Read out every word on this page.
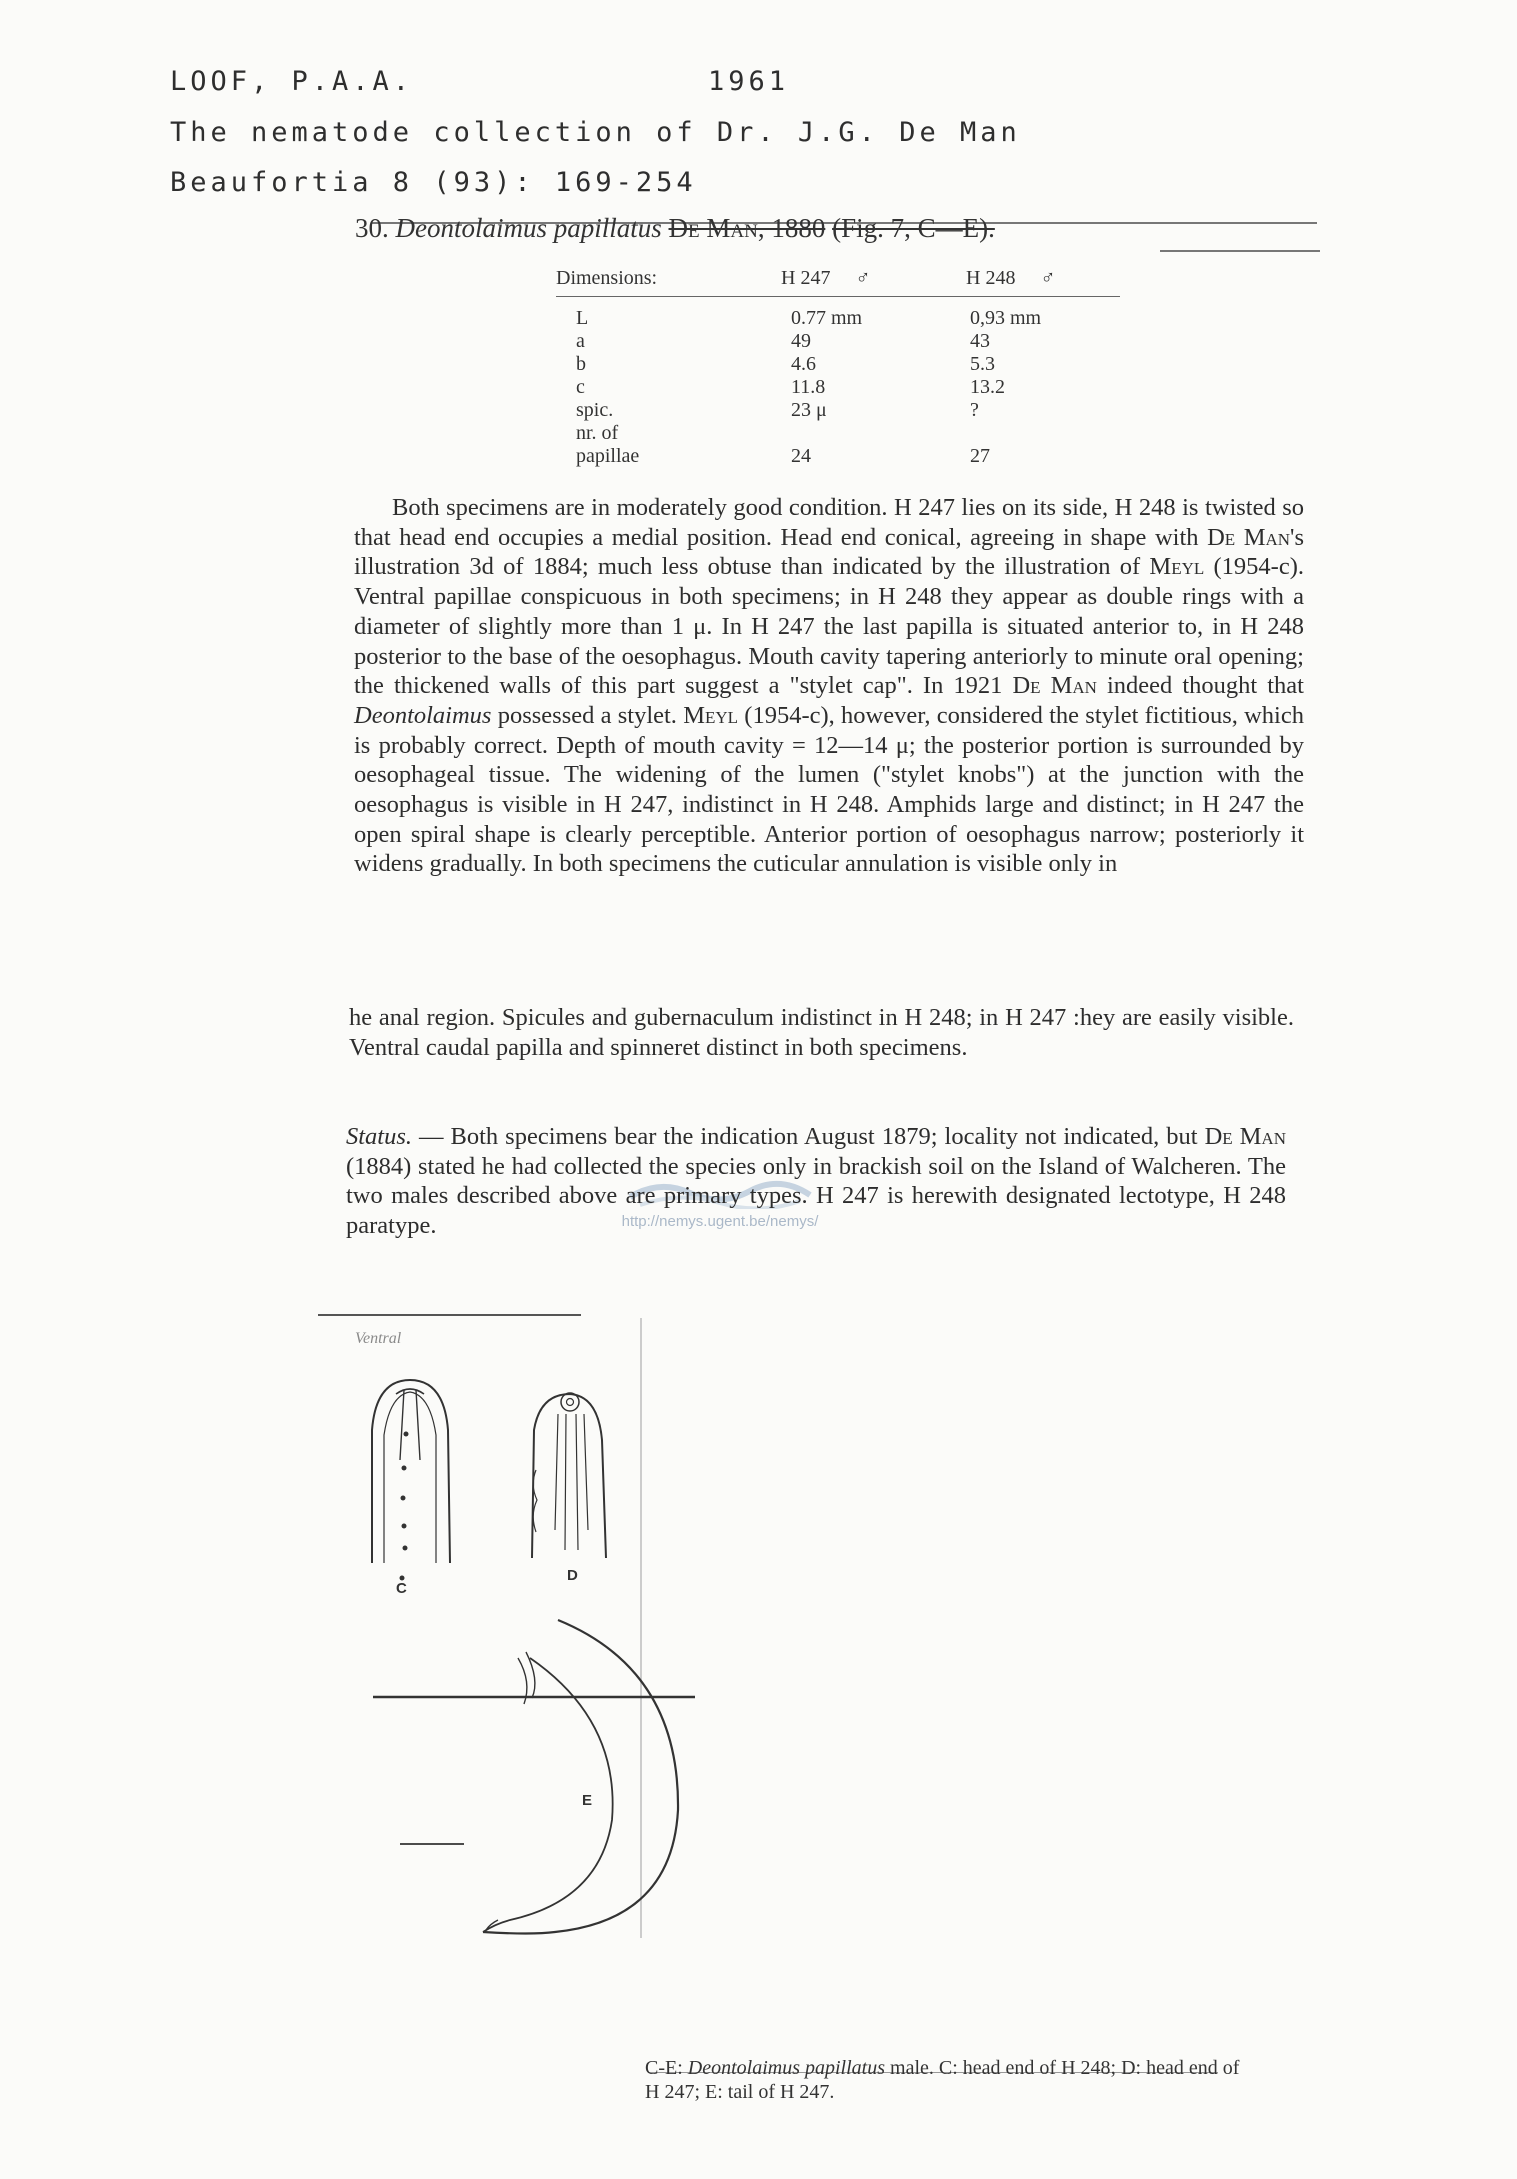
LOOF, P.A.A.	1961
The nematode collection of Dr. J.G. De Man
Beaufortia 8 (93): 169-254
30. Deontolaimus papillatus De Man, 1880 (Fig. 7, C—E).
Dimensions:	H 247 ♂	H 248 ♂
L	0.77 mm	0,93 mm
a	49	43
b	4.6	5.3
c	11.8	13.2
spic.	23 μ	?
nr. of		
papillae	24	27

Both specimens are in moderately good condition. H 247 lies on its side, H 248 is twisted so that head end occupies a medial position. Head end conical, agreeing in shape with De Man's illustration 3d of 1884; much less obtuse than indicated by the illustration of Meyl (1954-c). Ventral papillae conspicuous in both specimens; in H 248 they appear as double rings with a diameter of slightly more than 1 μ. In H 247 the last papilla is situated anterior to, in H 248 posterior to the base of the oesophagus. Mouth cavity tapering anteriorly to minute oral opening; the thickened walls of this part suggest a "stylet cap". In 1921 De Man indeed thought that Deontolaimus possessed a stylet. Meyl (1954-c), however, considered the stylet fictitious, which is probably correct. Depth of mouth cavity = 12—14 μ; the posterior portion is surrounded by oesophageal tissue. The widening of the lumen ("stylet knobs") at the junction with the oesophagus is visible in H 247, indistinct in H 248. Amphids large and distinct; in H 247 the open spiral shape is clearly perceptible. Anterior portion of oesophagus narrow; posteriorly it widens gradually. In both specimens the cuticular annulation is visible only in

he anal region. Spicules and gubernaculum indistinct in H 248; in H 247 :hey are easily visible. Ventral caudal papilla and spinneret distinct in both specimens.

http://nemys.ugent.be/nemys/

Status. — Both specimens bear the indication August 1879; locality not indicated, but De Man (1884) stated he had collected the species only in brackish soil on the Island of Walcheren. The two males described above are primary types. H 247 is herewith designated lectotype, H 248 paratype.

Ventral
C
D
E
C-E: Deontolaimus papillatus male. C: head end of H 248; D: head end of H 247; E: tail of H 247.
